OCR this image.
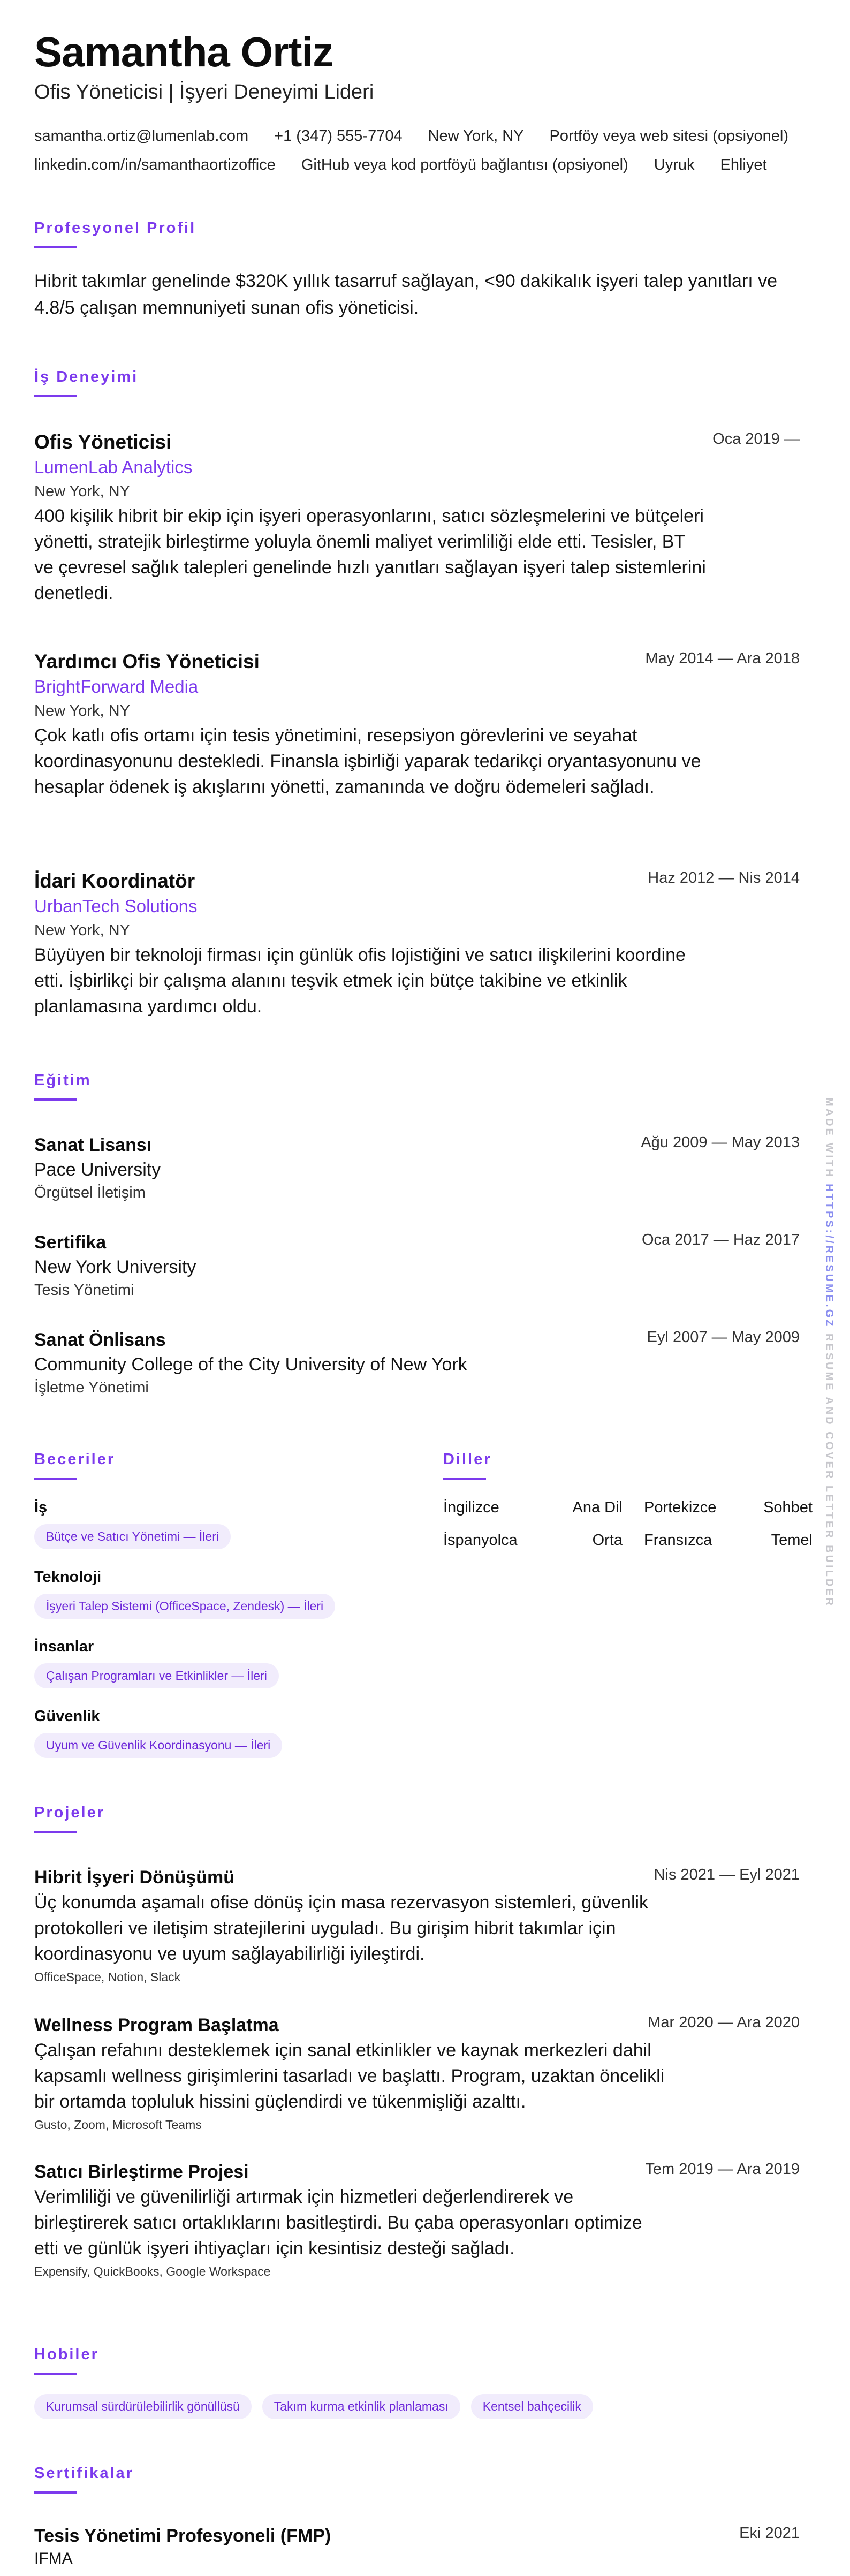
Samantha Ortiz
Ofis Yöneticisi | İşyeri Deneyimi Lideri
samantha.ortiz@lumenlab.com +1 (347) 555-7704 New York, NY Portföy veya web sitesi (opsiyonel)
linkedin.com/in/samanthaortizoffice GitHub veya kod portföyü bağlantısı (opsiyonel) Uyruk Ehliyet
Profesyonel Profil
Hibrit takımlar genelinde $320K yıllık tasarruf sağlayan, <90 dakikalık işyeri talep yanıtları ve 4.8/5 çalışan memnuniyeti sunan ofis yöneticisi.
İş Deneyimi
Ofis Yöneticisi
LumenLab Analytics
New York, NY
400 kişilik hibrit bir ekip için işyeri operasyonlarını, satıcı sözleşmelerini ve bütçeleri yönetti, stratejik birleştirme yoluyla önemli maliyet verimliliği elde etti. Tesisler, BT ve çevresel sağlık talepleri genelinde hızlı yanıtları sağlayan işyeri talep sistemlerini denetledi.
Oca 2019 —
Yardımcı Ofis Yöneticisi
BrightForward Media
New York, NY
Çok katlı ofis ortamı için tesis yönetimini, resepsiyon görevlerini ve seyahat koordinasyonunu destekledi. Finansla işbirliği yaparak tedarikçi oryantasyonunu ve hesaplar ödenek iş akışlarını yönetti, zamanında ve doğru ödemeleri sağladı.
May 2014 — Ara 2018
İdari Koordinatör
UrbanTech Solutions
New York, NY
Büyüyen bir teknoloji firması için günlük ofis lojistiğini ve satıcı ilişkilerini koordine etti. İşbirlikçi bir çalışma alanını teşvik etmek için bütçe takibine ve etkinlik planlamasına yardımcı oldu.
Haz 2012 — Nis 2014
Eğitim
Sanat Lisansı
Pace University
Örgütsel İletişim
Ağu 2009 — May 2013
Sertifika
New York University
Tesis Yönetimi
Oca 2017 — Haz 2017
Sanat Önlisans
Community College of the City University of New York
İşletme Yönetimi
Eyl 2007 — May 2009
Beceriler	Diller
İş
Bütçe ve Satıcı Yönetimi — İleri
Teknoloji
İşyeri Talep Sistemi (OfficeSpace, Zendesk) — İleri
İnsanlar
Çalışan Programları ve Etkinlikler — İleri
Güvenlik
Uyum ve Güvenlik Koordinasyonu — İleri
İngilizce	Ana Dil	Portekizce	Sohbet
İspanyolca	Orta	Fransızca	Temel
Projeler
Hibrit İşyeri Dönüşümü
Üç konumda aşamalı ofise dönüş için masa rezervasyon sistemleri, güvenlik protokolleri ve iletişim stratejilerini uyguladı. Bu girişim hibrit takımlar için koordinasyonu ve uyum sağlayabilirliği iyileştirdi.
OfficeSpace, Notion, Slack
Nis 2021 — Eyl 2021
Wellness Program Başlatma
Çalışan refahını desteklemek için sanal etkinlikler ve kaynak merkezleri dahil kapsamlı wellness girişimlerini tasarladı ve başlattı. Program, uzaktan öncelikli bir ortamda topluluk hissini güçlendirdi ve tükenmişliği azalttı.
Gusto, Zoom, Microsoft Teams
Mar 2020 — Ara 2020
Satıcı Birleştirme Projesi
Verimliliği ve güvenilirliği artırmak için hizmetleri değerlendirerek ve birleştirerek satıcı ortaklıklarını basitleştirdi. Bu çaba operasyonları optimize etti ve günlük işyeri ihtiyaçları için kesintisiz desteği sağladı.
Expensify, QuickBooks, Google Workspace
Tem 2019 — Ara 2019
Hobiler
Kurumsal sürdürülebilirlik gönüllüsü	Takım kurma etkinlik planlaması	Kentsel bahçecilik
Sertifikalar
Tesis Yönetimi Profesyoneli (FMP)
IFMA
Eki 2021
MADE WITH HTTPS://RESUME.GZ RESUME AND COVER LETTER BUILDER
